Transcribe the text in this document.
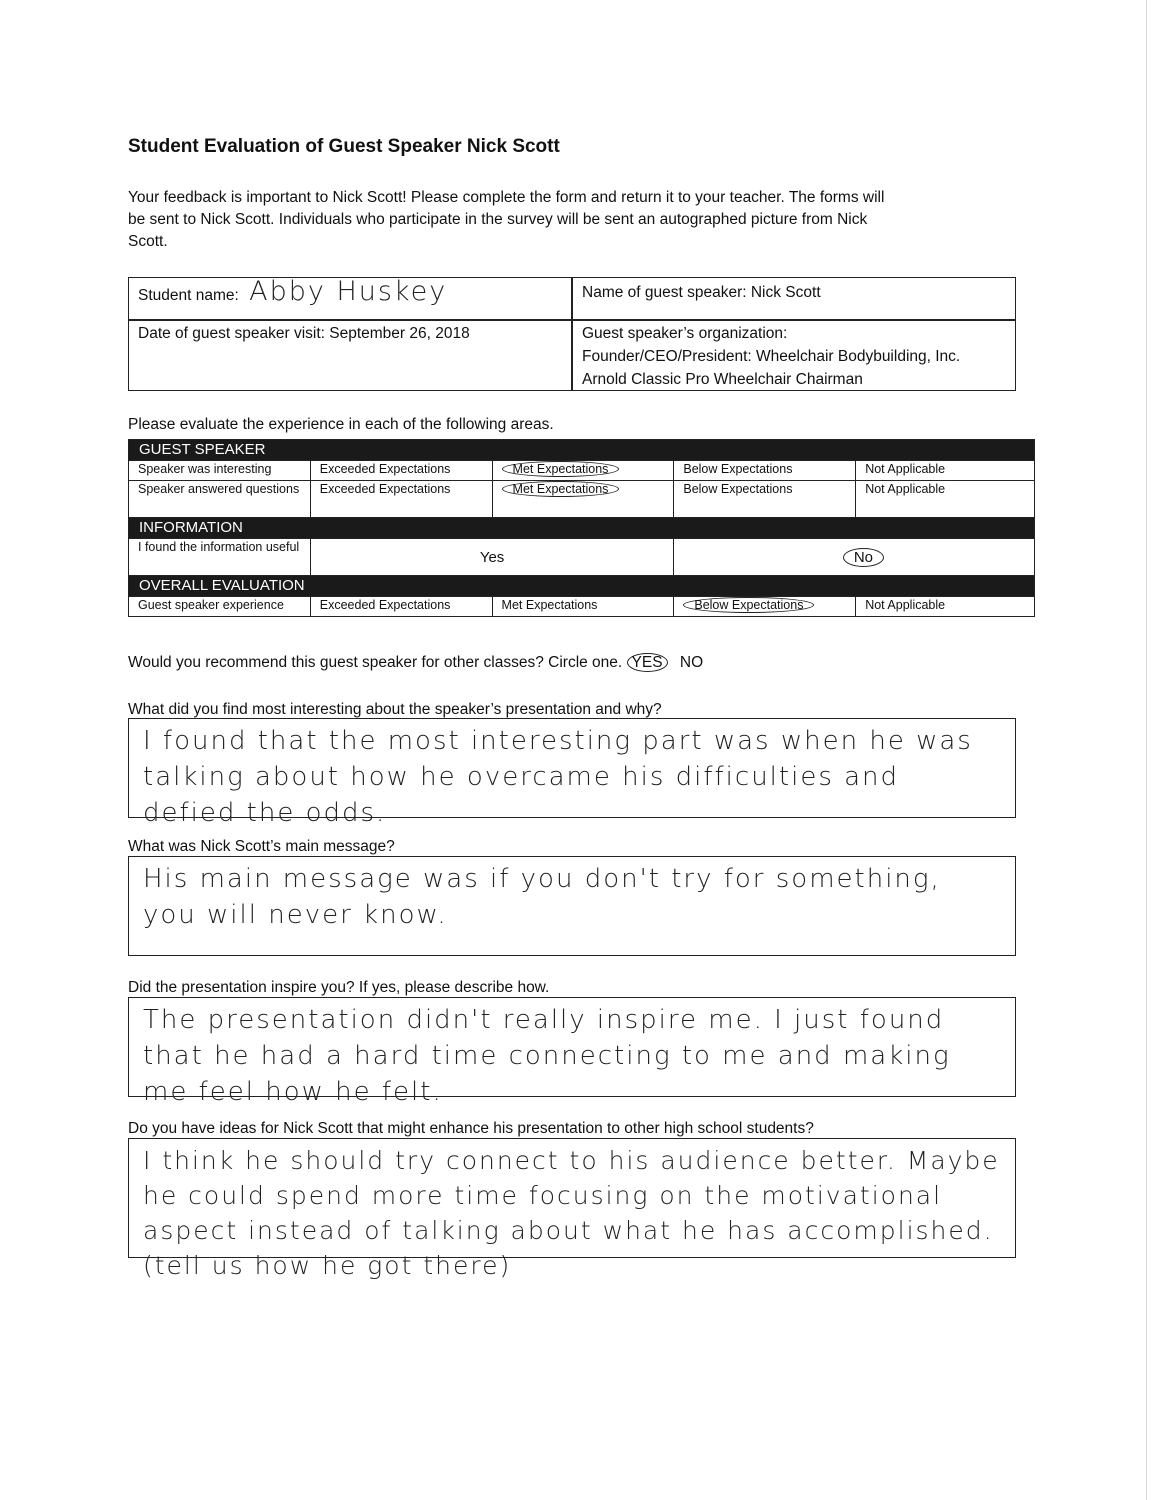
Student Evaluation of Guest Speaker Nick Scott
Your feedback is important to Nick Scott! Please complete the form and return it to your teacher. The forms will
be sent to Nick Scott. Individuals who participate in the survey will be sent an autographed picture from Nick
Scott.
Student name: Abby Huskey	Name of guest speaker: Nick Scott
Date of guest speaker visit: September 26, 2018	Guest speaker’s organization:
Founder/CEO/President: Wheelchair Bodybuilding, Inc.
Arnold Classic Pro Wheelchair Chairman
Please evaluate the experience in each of the following areas.
GUEST SPEAKER				
Speaker was interesting	Exceeded Expectations	Met Expectations	Below Expectations	Not Applicable
Speaker answered questions	Exceeded Expectations	Met Expectations	Below Expectations	Not Applicable
INFORMATION				
I found the information useful	Yes		No	
OVERALL EVALUATION				
Guest speaker experience	Exceeded Expectations	Met Expectations	Below Expectations	Not Applicable
Would you recommend this guest speaker for other classes? Circle one. YES NO
What did you find most interesting about the speaker’s presentation and why?
I found that the most interesting part was when he was talking about how he overcame his difficulties and defied the odds.
What was Nick Scott’s main message?
His main message was if you don't try for something, you will never know.
Did the presentation inspire you? If yes, please describe how.
The presentation didn't really inspire me. I just found that he had a hard time connecting to me and making me feel how he felt.
Do you have ideas for Nick Scott that might enhance his presentation to other high school students?
I think he should try connect to his audience better. Maybe he could spend more time focusing on the motivational aspect instead of talking about what he has accomplished. (tell us how he got there)
